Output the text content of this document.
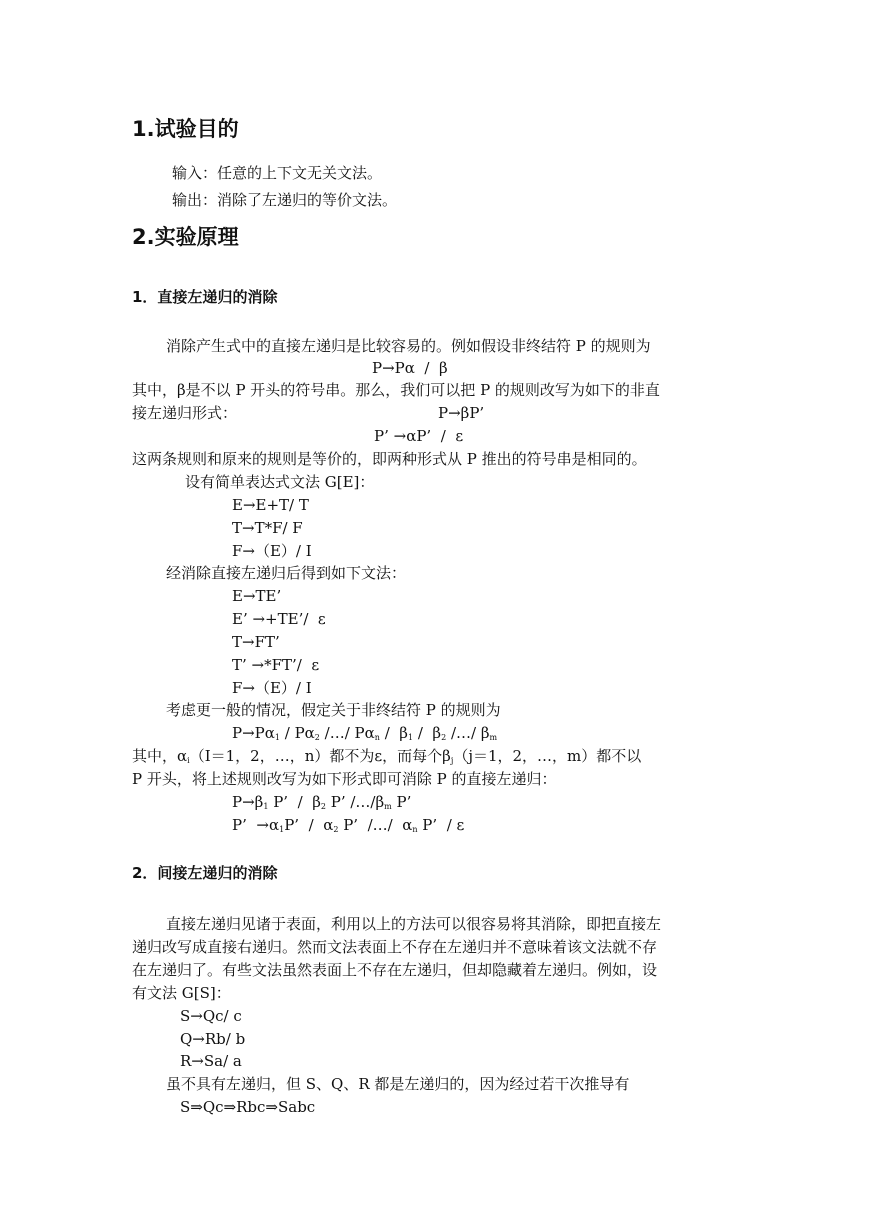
1.试验目的
输入：任意的上下文无关文法。
输出：消除了左递归的等价文法。
2.实验原理
1．直接左递归的消除
消除产生式中的直接左递归是比较容易的。例如假设非终结符 P 的规则为
P→Pα  /  β
其中，β是不以 P 开头的符号串。那么，我们可以把 P 的规则改写为如下的非直
接左递归形式：	P→βP’
P’ →αP’  /  ε
这两条规则和原来的规则是等价的，即两种形式从 P 推出的符号串是相同的。
设有简单表达式文法 G[E]：
E→E+T/ T
T→T*F/ F
F→（E）/ I
经消除直接左递归后得到如下文法：
E→TE’
E’ →+TE’/  ε
T→FT’
T’ →*FT’/  ε
F→（E）/ I
考虑更一般的情况，假定关于非终结符 P 的规则为
$P\to P\alpha_1 / P\alpha_2$ /…/ $P\alpha_n / \beta_1 / \beta_2$ /…/ $\beta_m$
其中，$\alpha_i(I=1$，2，…，n）都不为ε，而每个$\beta_j(j=1$，2，…，m）都不以
P 开头，将上述规则改写为如下形式即可消除 P 的直接左递归：
$P\to\beta_1$ P’  /  $\beta_2$ P’ $/\dots/\beta_m$ P’
P’  $\to\alpha_1P$’  /  $\alpha_2$ P’  /…/  $\alpha_n$ P’  / ε
2．间接左递归的消除
直接左递归见诸于表面，利用以上的方法可以很容易将其消除，即把直接左
递归改写成直接右递归。然而文法表面上不存在左递归并不意味着该文法就不存
在左递归了。有些文法虽然表面上不存在左递归，但却隐藏着左递归。例如，设
有文法 G[S]：
S→Qc/ c
Q→Rb/ b
R→Sa/ a
虽不具有左递归，但 S、Q、R 都是左递归的，因为经过若干次推导有
S⇒Qc⇒Rbc⇒Sabc
